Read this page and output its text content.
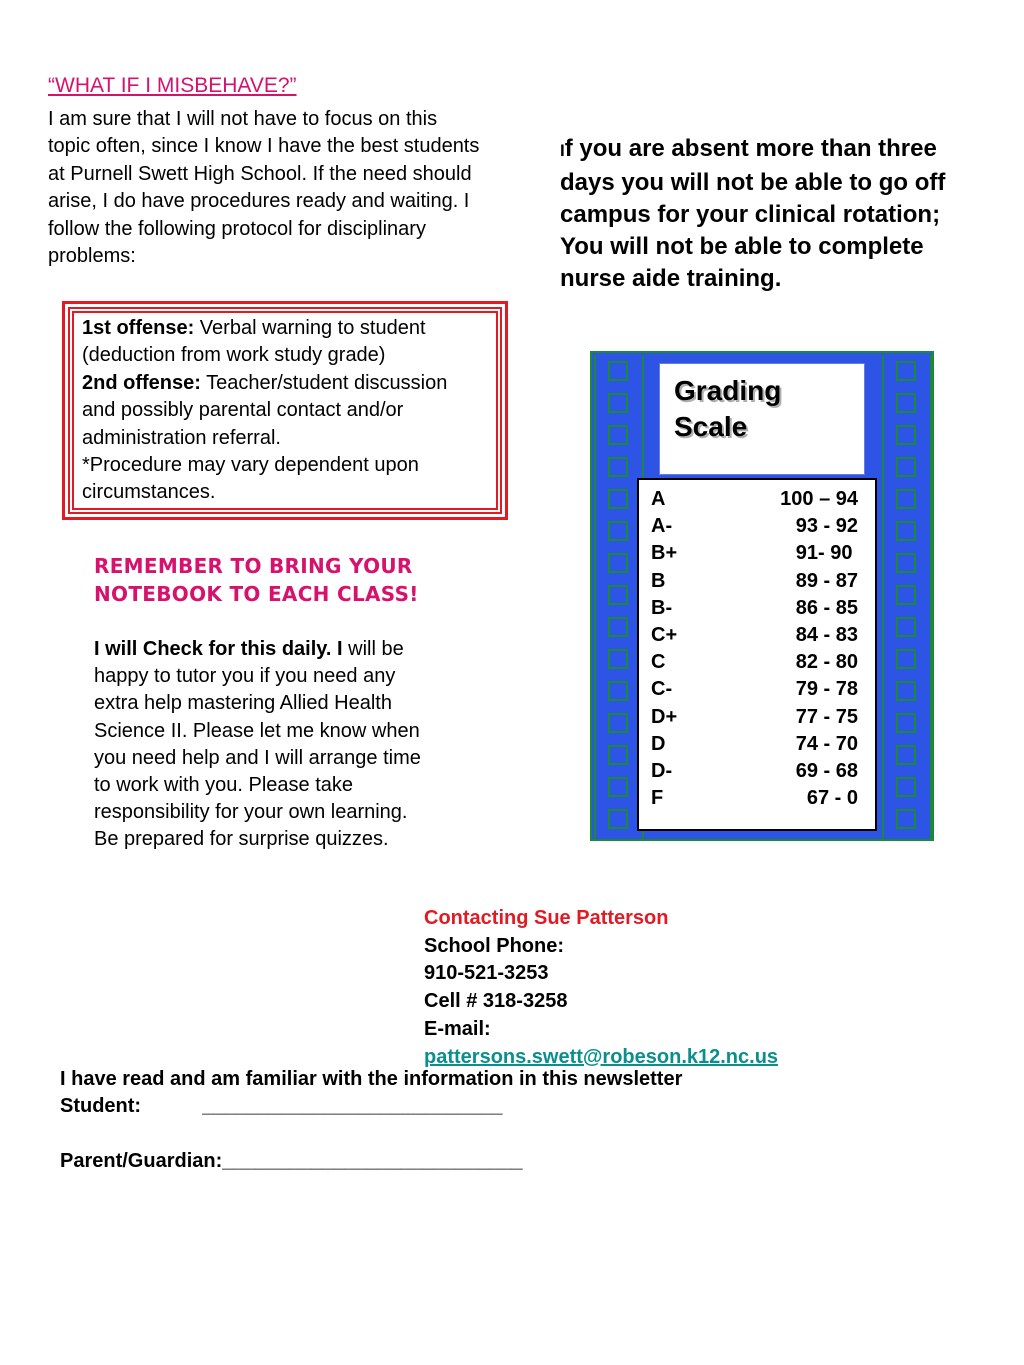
“WHAT IF I MISBEHAVE?”
I am sure that I will not have to focus on this topic often, since I know I have the best students at Purnell Swett High School. If the need should arise, I do have procedures ready and waiting. I follow the following protocol for disciplinary problems:
1st offense: Verbal warning to student (deduction from work study grade)
2nd offense: Teacher/student discussion and possibly parental contact and/or administration referral.
*Procedure may vary dependent upon circumstances.
If you are absent more than three days you will not be able to go off campus for your clinical rotation; You will not be able to complete nurse aide training.
Grading Scale
A	100 – 94
A-	93 - 92
B+	91- 90
B	89 - 87
B-	86 - 85
C+	84 - 83
C	82 - 80
C-	79 - 78
D+	77 - 75
D	74 - 70
D-	69 - 68
F	67 - 0
REMEMBER TO BRING YOUR NOTEBOOK TO EACH CLASS!
I will Check for this daily. I will be happy to tutor you if you need any extra help mastering Allied Health Science II. Please let me know when you need help and I will arrange time to work with you. Please take responsibility for your own learning. Be prepared for surprise quizzes.
Contacting Sue Patterson
School Phone:
910-521-3253
Cell # 318-3258
E-mail:
pattersons.swett@robeson.k12.nc.us
I have read and am familiar with the information in this newsletter
Student:           ___________________________

Parent/Guardian:___________________________
